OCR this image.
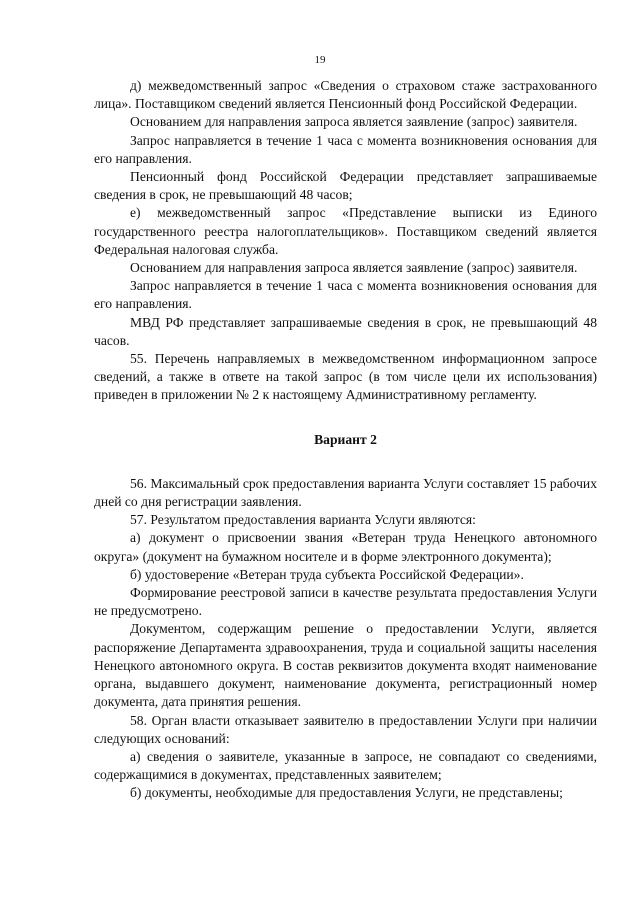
19

д) межведомственный запрос «Сведения о страховом стаже застрахованного лица». Поставщиком сведений является Пенсионный фонд Российской Федерации.

Основанием для направления запроса является заявление (запрос) заявителя.

Запрос направляется в течение 1 часа с момента возникновения основания для его направления.

Пенсионный фонд Российской Федерации представляет запрашиваемые сведения в срок, не превышающий 48 часов;

е) межведомственный запрос «Представление выписки из Единого государственного реестра налогоплательщиков». Поставщиком сведений является Федеральная налоговая служба.

Основанием для направления запроса является заявление (запрос) заявителя.

Запрос направляется в течение 1 часа с момента возникновения основания для его направления.

МВД РФ представляет запрашиваемые сведения в срок, не превышающий 48 часов.

55. Перечень направляемых в межведомственном информационном запросе сведений, а также в ответе на такой запрос (в том числе цели их использования) приведен в приложении № 2 к настоящему Административному регламенту.

Вариант 2

56. Максимальный срок предоставления варианта Услуги составляет 15 рабочих дней со дня регистрации заявления.

57. Результатом предоставления варианта Услуги являются:

а) документ о присвоении звания «Ветеран труда Ненецкого автономного округа» (документ на бумажном носителе и в форме электронного документа);

б) удостоверение «Ветеран труда субъекта Российской Федерации».

Формирование реестровой записи в качестве результата предоставления Услуги не предусмотрено.

Документом, содержащим решение о предоставлении Услуги, является распоряжение Департамента здравоохранения, труда и социальной защиты населения Ненецкого автономного округа. В состав реквизитов документа входят наименование органа, выдавшего документ, наименование документа, регистрационный номер документа, дата принятия решения.

58. Орган власти отказывает заявителю в предоставлении Услуги при наличии следующих оснований:

а) сведения о заявителе, указанные в запросе, не совпадают со сведениями, содержащимися в документах, представленных заявителем;

б) документы, необходимые для предоставления Услуги, не представлены;
